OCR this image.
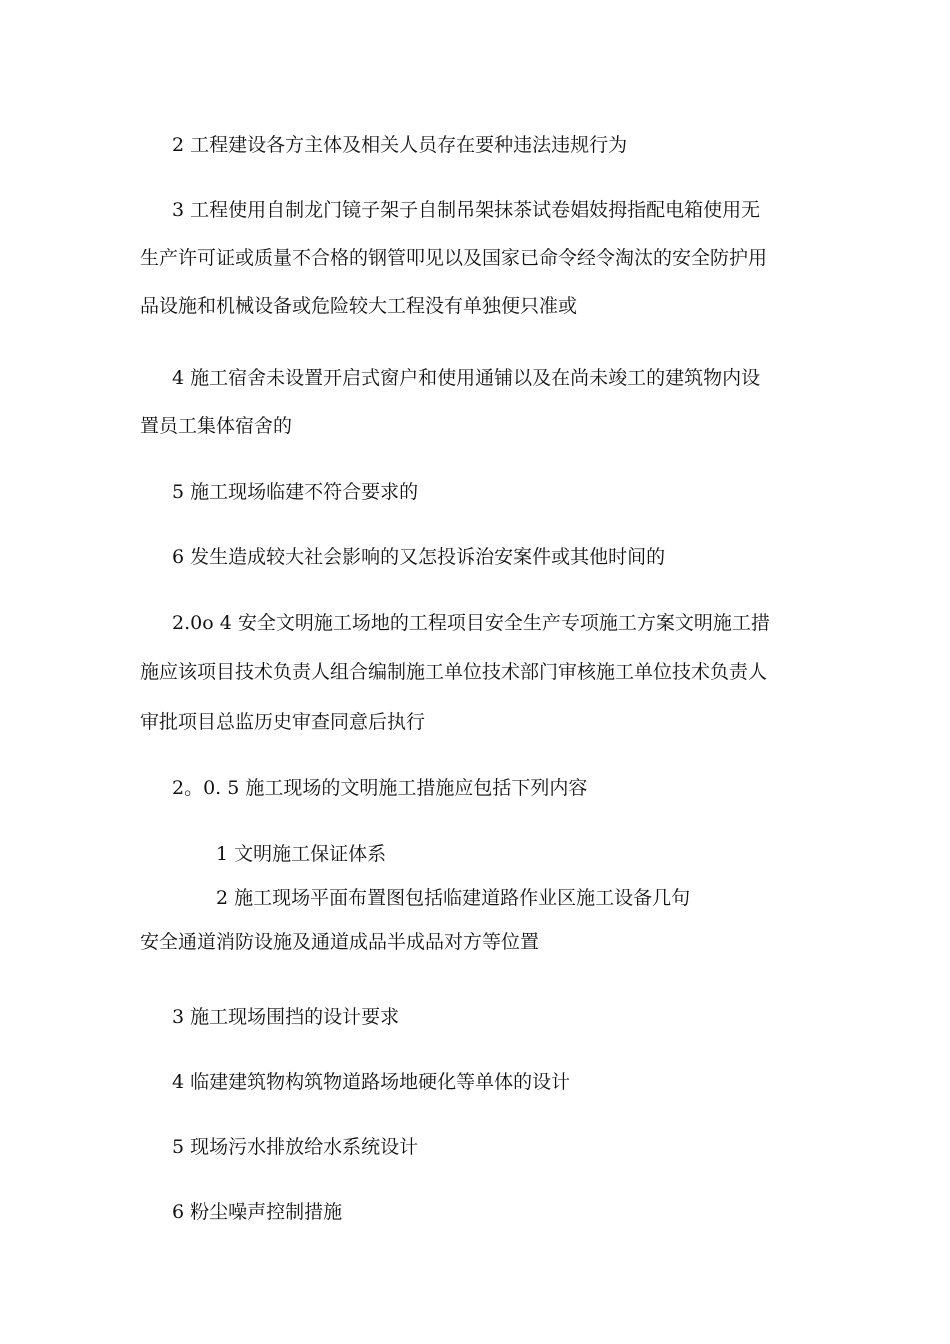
2 工程建设各方主体及相关人员存在要种违法违规行为
3 工程使用自制龙门镜子架子自制吊架抹茶试卷娼妓拇指配电箱使用无
生产许可证或质量不合格的钢管叩见以及国家已命令经令淘汰的安全防护用
品设施和机械设备或危险较大工程没有单独便只准或
4 施工宿舍未设置开启式窗户和使用通铺以及在尚未竣工的建筑物内设
置员工集体宿舍的
5 施工现场临建不符合要求的
6 发生造成较大社会影响的又怎投诉治安案件或其他时间的
2.0o 4 安全文明施工场地的工程项目安全生产专项施工方案文明施工措
施应该项目技术负责人组合编制施工单位技术部门审核施工单位技术负责人
审批项目总监历史审查同意后执行
2。0. 5 施工现场的文明施工措施应包括下列内容
1 文明施工保证体系
2 施工现场平面布置图包括临建道路作业区施工设备几句
安全通道消防设施及通道成品半成品对方等位置
3 施工现场围挡的设计要求
4 临建建筑物构筑物道路场地硬化等单体的设计
5 现场污水排放给水系统设计
6 粉尘噪声控制措施
